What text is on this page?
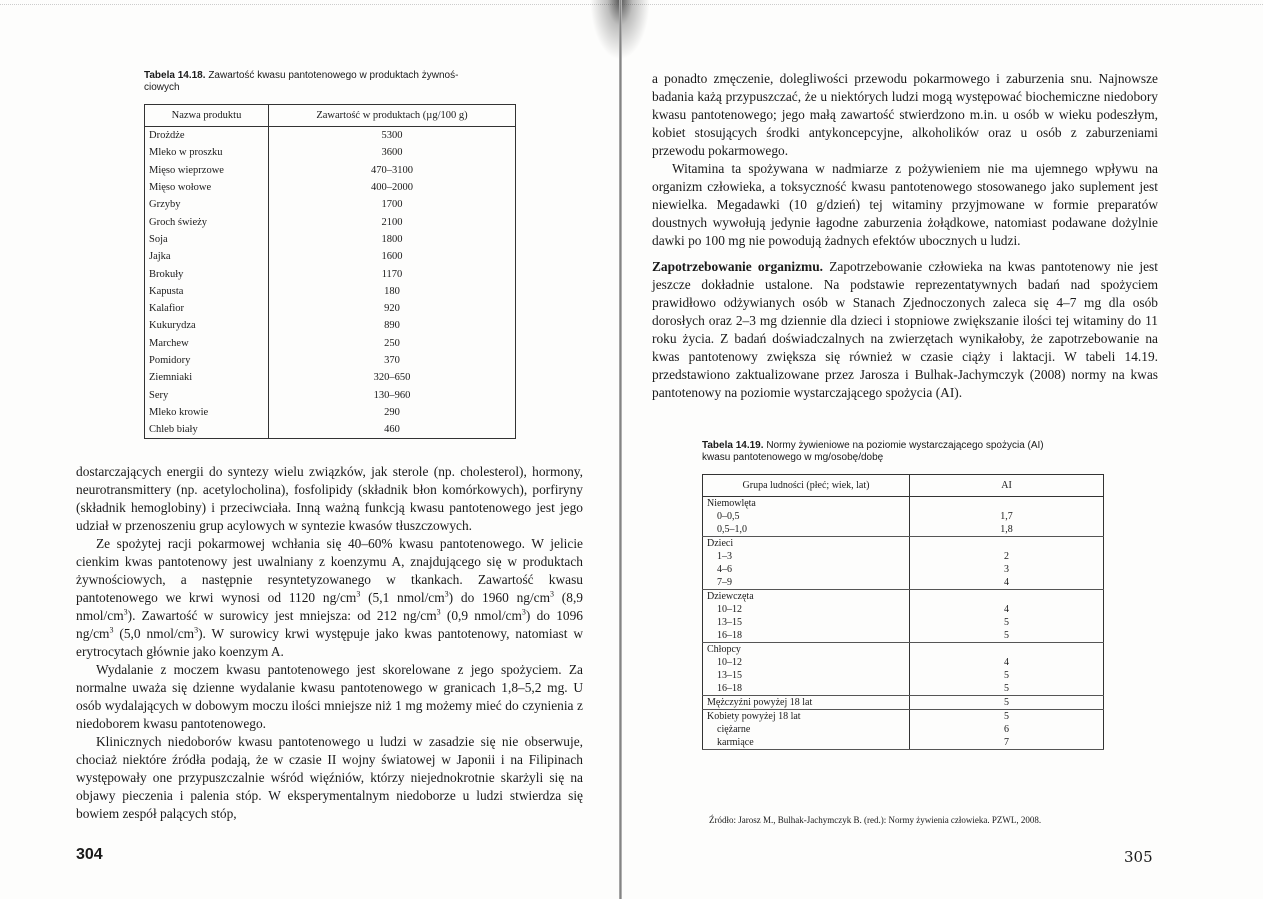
Tabela 14.18. Zawartość kwasu pantotenowego w produktach żywnoś-
ciowych
Nazwa produktu	Zawartość w produktach (µg/100 g)
Drożdże	5300
Mleko w proszku	3600
Mięso wieprzowe	470–3100
Mięso wołowe	400–2000
Grzyby	1700
Groch świeży	2100
Soja	1800
Jajka	1600
Brokuły	1170
Kapusta	180
Kalafior	920
Kukurydza	890
Marchew	250
Pomidory	370
Ziemniaki	320–650
Sery	130–960
Mleko krowie	290
Chleb biały	460

dostarczających energii do syntezy wielu związków, jak sterole (np. cholesterol), hormony, neurotransmittery (np. acetylocholina), fosfolipidy (składnik błon komórkowych), porfiryny (składnik hemoglobiny) i przeciwciała. Inną ważną funkcją kwasu pantotenowego jest jego udział w przenoszeniu grup acylowych w syntezie kwasów tłuszczowych.

Ze spożytej racji pokarmowej wchłania się 40–60% kwasu pantotenowego. W jelicie cienkim kwas pantotenowy jest uwalniany z koenzymu A, znajdującego się w produktach żywnościowych, a następnie resyntetyzowanego w tkankach. Zawartość kwasu pantotenowego we krwi wynosi od 1120 $ng/cm^3$ (5,1 nmol/$cm^3$) do 1960 $ng/cm^3$ (8,9 nmol/$cm^3$). Zawartość w surowicy jest mniejsza: od 212 $ng/cm^3$ (0,9 nmol/$cm^3$) do 1096 $ng/cm^3$ (5,0 nmol/$cm^3$). W surowicy krwi występuje jako kwas pantotenowy, natomiast w erytrocytach głównie jako koenzym A.

Wydalanie z moczem kwasu pantotenowego jest skorelowane z jego spożyciem. Za normalne uważa się dzienne wydalanie kwasu pantotenowego w granicach 1,8–5,2 mg. U osób wydalających w dobowym moczu ilości mniejsze niż 1 mg możemy mieć do czynienia z niedoborem kwasu pantotenowego.

Klinicznych niedoborów kwasu pantotenowego u ludzi w zasadzie się nie obserwuje, chociaż niektóre źródła podają, że w czasie II wojny światowej w Japonii i na Filipinach występowały one przypuszczalnie wśród więźniów, którzy niejednokrotnie skarżyli się na objawy pieczenia i palenia stóp. W eksperymentalnym niedoborze u ludzi stwierdza się bowiem zespół palących stóp,

304

a ponadto zmęczenie, dolegliwości przewodu pokarmowego i zaburzenia snu. Najnowsze badania każą przypuszczać, że u niektórych ludzi mogą występować biochemiczne niedobory kwasu pantotenowego; jego małą zawartość stwierdzono m.in. u osób w wieku podeszłym, kobiet stosujących środki antykoncepcyjne, alkoholików oraz u osób z zaburzeniami przewodu pokarmowego.

Witamina ta spożywana w nadmiarze z pożywieniem nie ma ujemnego wpływu na organizm człowieka, a toksyczność kwasu pantotenowego stosowanego jako suplement jest niewielka. Megadawki (10 g/dzień) tej witaminy przyjmowane w formie preparatów doustnych wywołują jedynie łagodne zaburzenia żołądkowe, natomiast podawane dożylnie dawki po 100 mg nie powodują żadnych efektów ubocznych u ludzi.

Zapotrzebowanie organizmu. Zapotrzebowanie człowieka na kwas pantotenowy nie jest jeszcze dokładnie ustalone. Na podstawie reprezentatywnych badań nad spożyciem prawidłowo odżywianych osób w Stanach Zjednoczonych zaleca się 4–7 mg dla osób dorosłych oraz 2–3 mg dziennie dla dzieci i stopniowe zwiększanie ilości tej witaminy do 11 roku życia. Z badań doświadczalnych na zwierzętach wynikałoby, że zapotrzebowanie na kwas pantotenowy zwiększa się również w czasie ciąży i laktacji. W tabeli 14.19. przedstawiono zaktualizowane przez Jarosza i Bulhak-Jachymczyk (2008) normy na kwas pantotenowy na poziomie wystarczającego spożycia (AI).

Tabela 14.19. Normy żywieniowe na poziomie wystarczającego spożycia (AI)
kwasu pantotenowego w mg/osobę/dobę
Grupa ludności (płeć; wiek, lat)	AI
Niemowlęta	
0–0,5	1,7
0,5–1,0	1,8
Dzieci	
1–3	2
4–6	3
7–9	4
Dziewczęta	
10–12	4
13–15	5
16–18	5
Chłopcy	
10–12	4
13–15	5
16–18	5
Mężczyźni powyżej 18 lat	5
Kobiety powyżej 18 lat	5
ciężarne	6
karmiące	7
Źródło: Jarosz M., Bulhak-Jachymczyk B. (red.): Normy żywienia człowieka. PZWL, 2008.
305
